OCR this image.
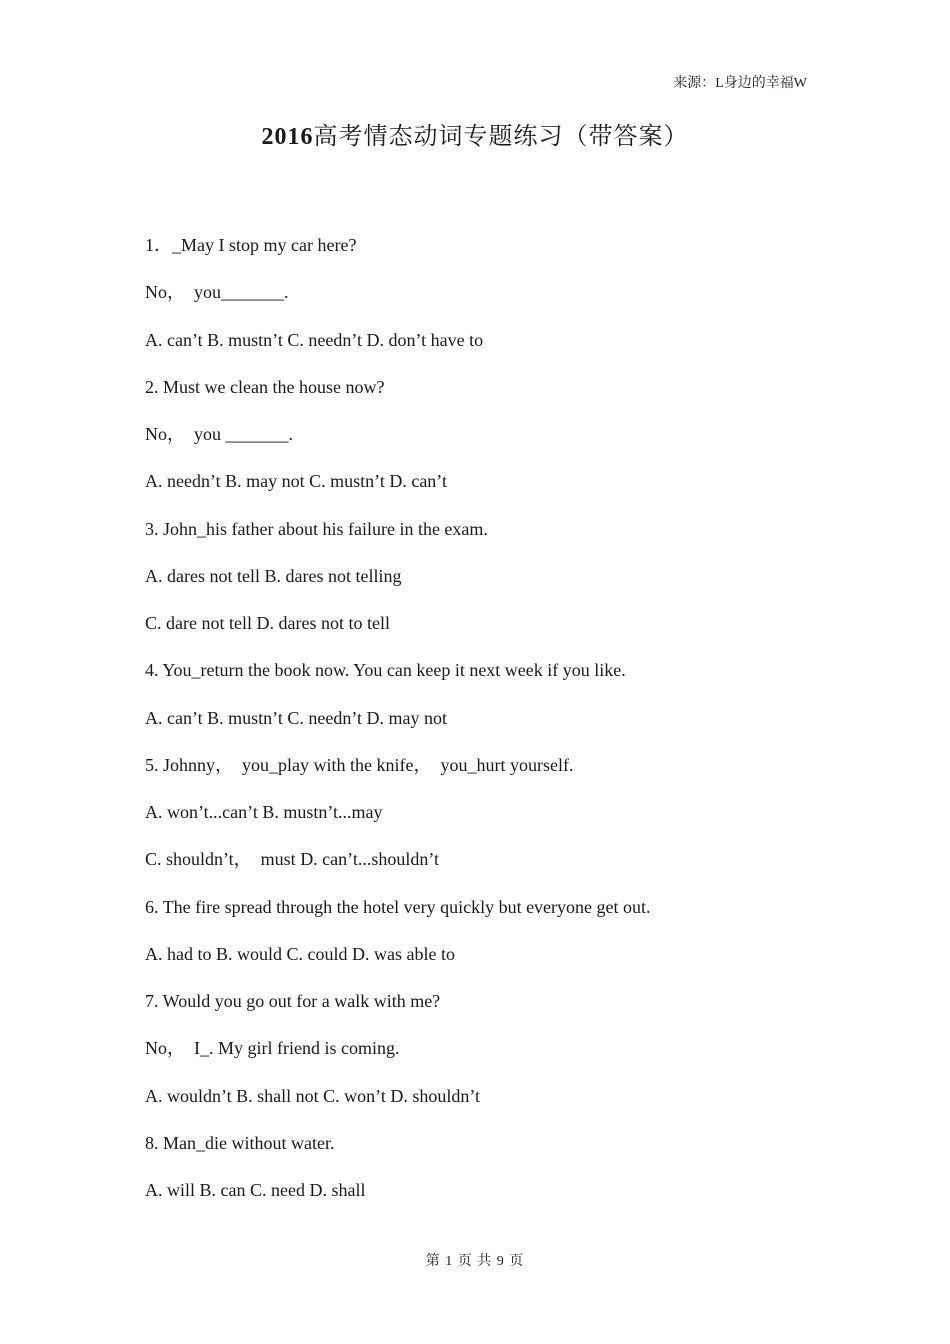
来源：L身边的幸福W
2016高考情态动词专题练习（带答案）
1．_May I stop my car here?
No，  you_______.
A. can’t B. mustn’t C. needn’t D. don’t have to
2. Must we clean the house now?
No，  you _______.
A. needn’t B. may not C. mustn’t D. can’t
3. John_his father about his failure in the exam.
A. dares not tell B. dares not telling
C. dare not tell D. dares not to tell
4. You_return the book now. You can keep it next week if you like.
A. can’t B. mustn’t C. needn’t D. may not
5. Johnny，  you_play with the knife，  you_hurt yourself.
A. won’t...can’t B. mustn’t...may
C. shouldn’t，  must D. can’t...shouldn’t
6. The fire spread through the hotel very quickly but everyone get out.
A. had to B. would C. could D. was able to
7. Would you go out for a walk with me?
No，  I_. My girl friend is coming.
A. wouldn’t B. shall not C. won’t D. shouldn’t
8. Man_die without water.
A. will B. can C. need D. shall
第 1 页 共 9 页
